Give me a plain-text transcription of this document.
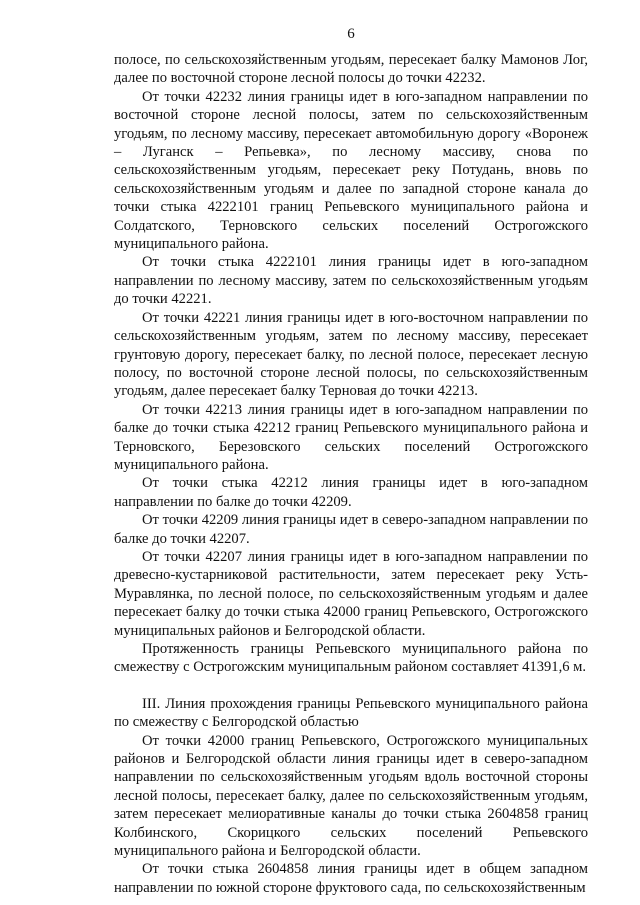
6

полосе, по сельскохозяйственным угодьям, пересекает балку Мамонов Лог, далее по восточной стороне лесной полосы до точки 42232.

От точки 42232 линия границы идет в юго-западном направлении по восточной стороне лесной полосы, затем по сельскохозяйственным угодьям, по лесному массиву, пересекает автомобильную дорогу «Воронеж – Луганск – Репьевка», по лесному массиву, снова по сельскохозяйственным угодьям, пересекает реку Потудань, вновь по сельскохозяйственным угодьям и далее по западной стороне канала до точки стыка 4222101 границ Репьевского муниципального района и Солдатского, Терновского сельских поселений Острогожского муниципального района.

От точки стыка 4222101 линия границы идет в юго-западном направлении по лесному массиву, затем по сельскохозяйственным угодьям до точки 42221.

От точки 42221 линия границы идет в юго-восточном направлении по сельскохозяйственным угодьям, затем по лесному массиву, пересекает грунтовую дорогу, пересекает балку, по лесной полосе, пересекает лесную полосу, по восточной стороне лесной полосы, по сельскохозяйственным угодьям, далее пересекает балку Терновая до точки 42213.

От точки 42213 линия границы идет в юго-западном направлении по балке до точки стыка 42212 границ Репьевского муниципального района и Терновского, Березовского сельских поселений Острогожского муниципального района.

От точки стыка 42212 линия границы идет в юго-западном направлении по балке до точки 42209.

От точки 42209 линия границы идет в северо-западном направлении по балке до точки 42207.

От точки 42207 линия границы идет в юго-западном направлении по древесно-кустарниковой растительности, затем пересекает реку Усть-Муравлянка, по лесной полосе, по сельскохозяйственным угодьям и далее пересекает балку до точки стыка 42000 границ Репьевского, Острогожского муниципальных районов и Белгородской области.

Протяженность границы Репьевского муниципального района по смежеству с Острогожским муниципальным районом составляет 41391,6 м.

III. Линия прохождения границы Репьевского муниципального района по смежеству с Белгородской областью

От точки 42000 границ Репьевского, Острогожского муниципальных районов и Белгородской области линия границы идет в северо-западном направлении по сельскохозяйственным угодьям вдоль восточной стороны лесной полосы, пересекает балку, далее по сельскохозяйственным угодьям, затем пересекает мелиоративные каналы до точки стыка 2604858 границ Колбинского, Скорицкого сельских поселений Репьевского муниципального района и Белгородской области.

От точки стыка 2604858 линия границы идет в общем западном направлении по южной стороне фруктового сада, по сельскохозяйственным
